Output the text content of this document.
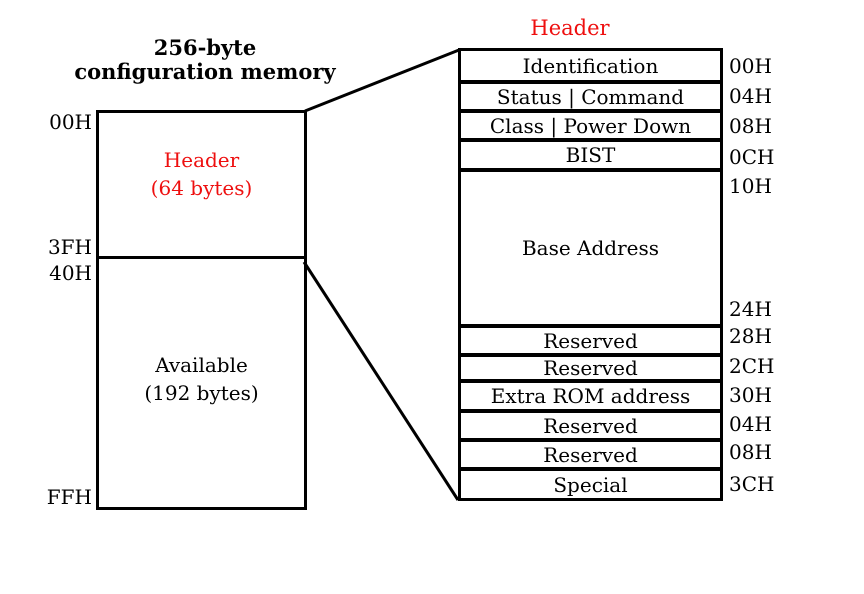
256-byte
configuration memory
00H
3FH
40H
FFH
Header
(64 bytes)
Available
(192 bytes)
Header
Identification
Status | Command
Class | Power Down
BIST
Base Address
Reserved
Reserved
Extra ROM address
Reserved
Reserved
Special
00H
04H
08H
0CH
10H
24H
28H
2CH
30H
04H
08H
3CH
